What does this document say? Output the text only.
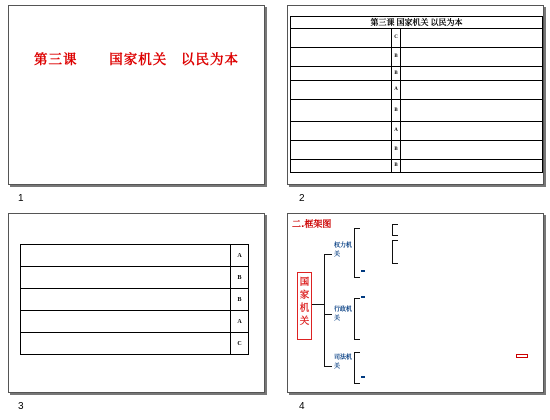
第三课 国家机关 以民为本
1
第三课 国家机关 以民为本		
	C	
	B	
	B	
	A	
	B	
	A	
	B	
	B	
2
	A
	B
	B
	A
	C
3
二.框架图
国
家
机
关
权力机关
行政机关
司法机关
4
